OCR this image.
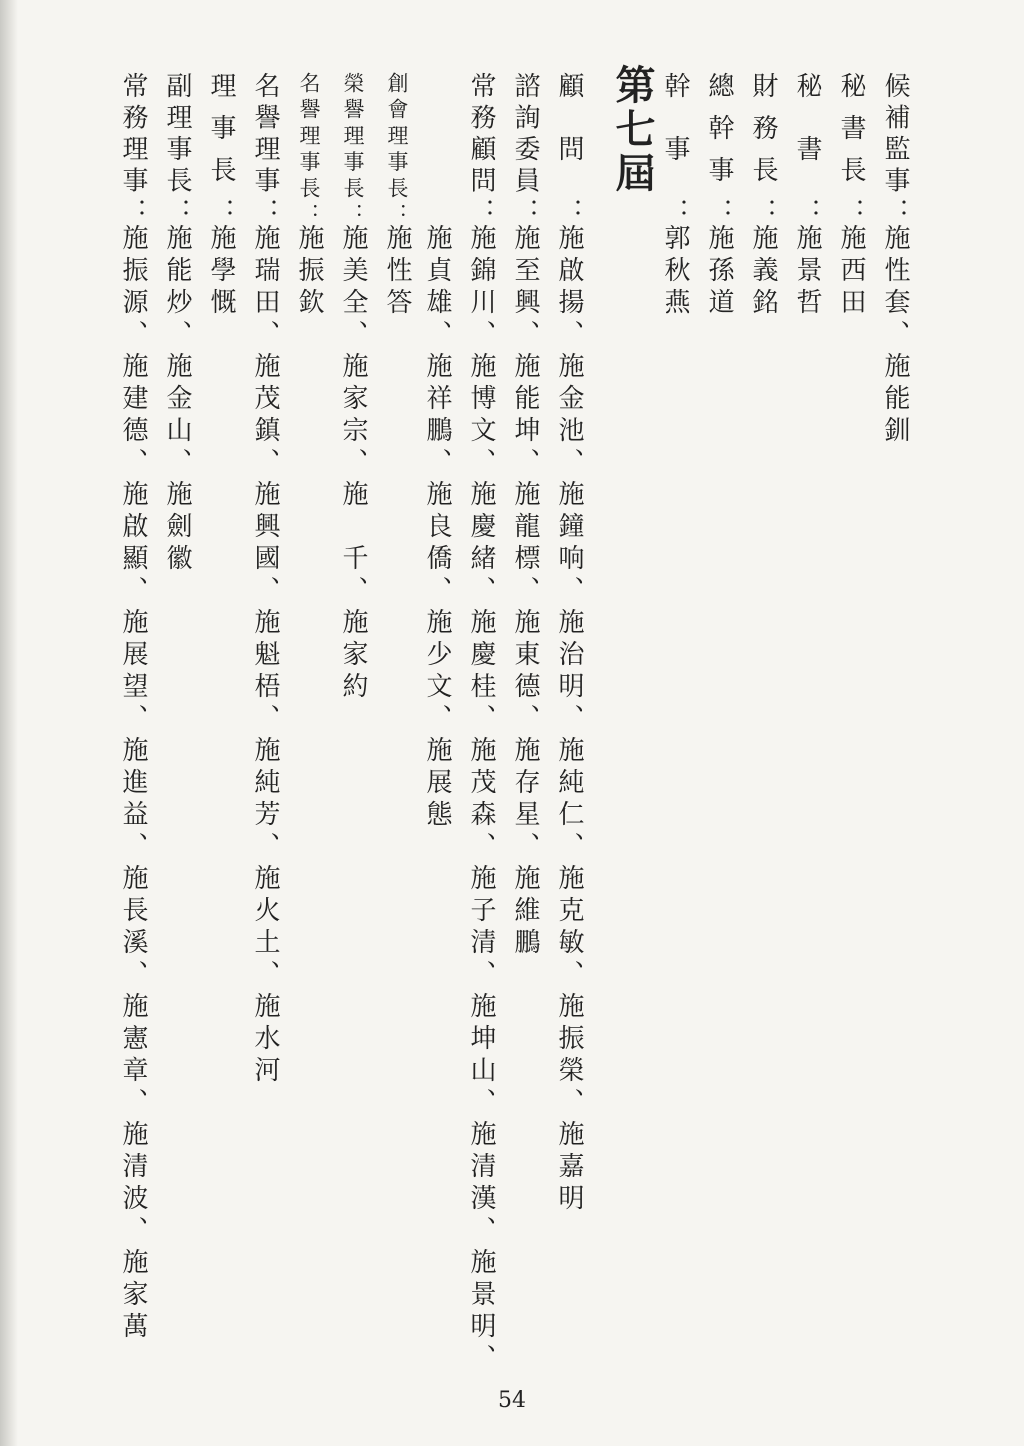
候補監事：施性套、施能釧
秘書長：施西田
秘書：施景哲
財務長：施義銘
總幹事：施孫道
幹事：郭秋燕
第七屆
顧問：施啟揚、施金池、施鐘响、施治明、施純仁、施克敏、施振榮、施嘉明
施貞雄、施祥鵬、施良僑、施少文、施展態
諮詢委員：施至興、施能坤、施龍標、施東德、施存星、施維鵬
常務顧問：施錦川、施博文、施慶緒、施慶桂、施茂森、施子清、施坤山、施清漢、施景明、
創會理事長：施性答
榮譽理事長：施美全、施家宗、施　千、施家約
名譽理事長：施振欽
名譽理事：施瑞田、施茂鎮、施興國、施魁梧、施純芳、施火土、施水河
理事長：施學慨
副理事長：施能炒、施金山、施劍徽
常務理事：施振源、施建德、施啟顯、施展望、施進益、施長溪、施憲章、施清波、施家萬
54
